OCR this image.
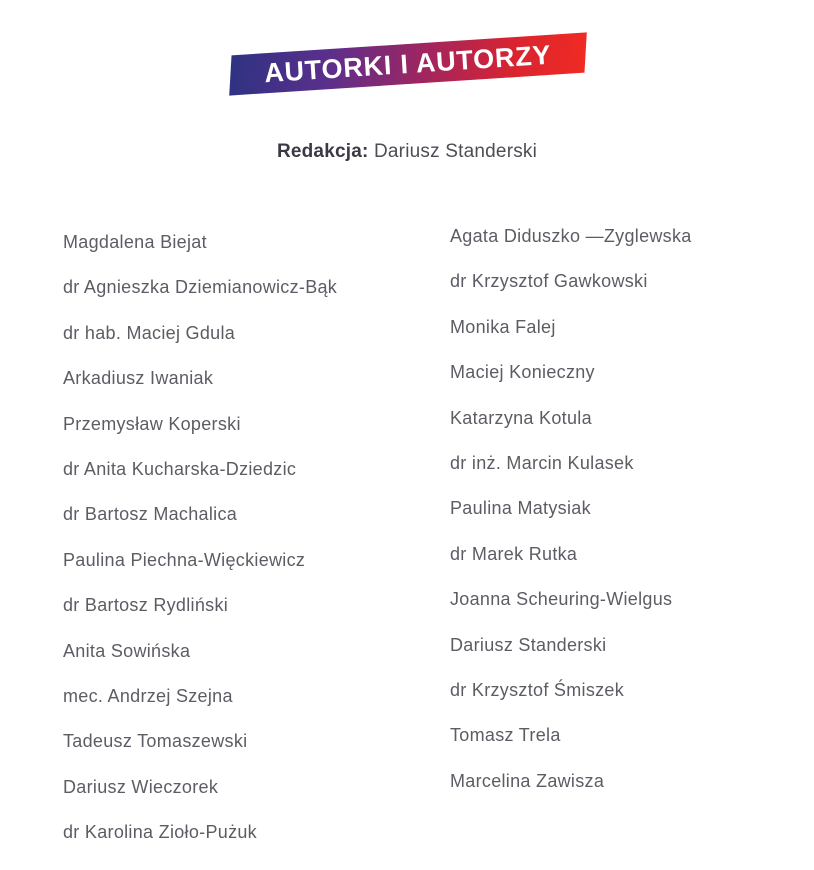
AUTORKI I AUTORZY
Redakcja: Dariusz Standerski
Magdalena Biejat
dr Agnieszka Dziemianowicz-Bąk
dr hab. Maciej Gdula
Arkadiusz Iwaniak
Przemysław Koperski
dr Anita Kucharska-Dziedzic
dr Bartosz Machalica
Paulina Piechna-Więckiewicz
dr Bartosz Rydliński
Anita Sowińska
mec. Andrzej Szejna
Tadeusz Tomaszewski
Dariusz Wieczorek
dr Karolina Zioło-Pużuk
Agata Diduszko —Zyglewska
dr Krzysztof Gawkowski
Monika Falej
Maciej Konieczny
Katarzyna Kotula
dr inż. Marcin Kulasek
Paulina Matysiak
dr Marek Rutka
Joanna Scheuring-Wielgus
Dariusz Standerski
dr Krzysztof Śmiszek
Tomasz Trela
Marcelina Zawisza
